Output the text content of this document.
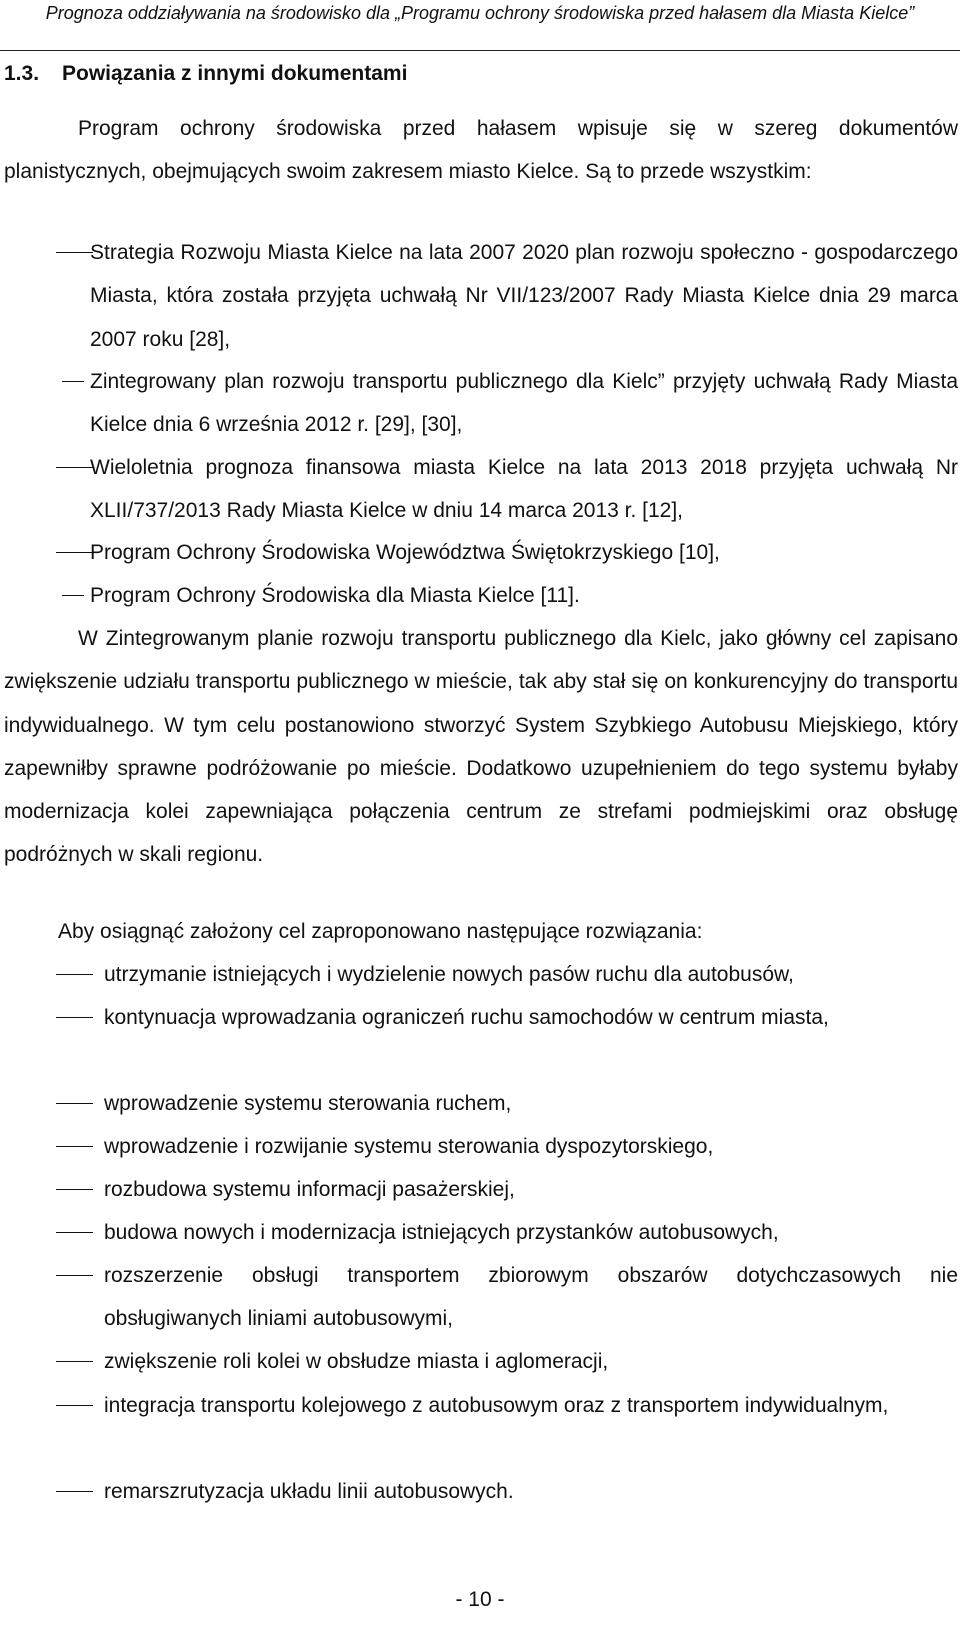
Prognoza oddziaływania na środowisko dla „Programu ochrony środowiska przed hałasem dla Miasta Kielce”
1.3. Powiązania z innymi dokumentami

Program ochrony środowiska przed hałasem wpisuje się w szereg dokumentów planistycznych, obejmujących swoim zakresem miasto Kielce. Są to przede wszystkim:

Strategia Rozwoju Miasta Kielce na lata 2007 2020 plan rozwoju społeczno - gospodarczego Miasta, która została przyjęta uchwałą Nr VII/123/2007 Rady Miasta Kielce dnia 29 marca 2007 roku [28],

Zintegrowany plan rozwoju transportu publicznego dla Kielc” przyjęty uchwałą Rady Miasta Kielce dnia 6 września 2012 r. [29], [30],

Wieloletnia prognoza finansowa miasta Kielce na lata 2013 2018 przyjęta uchwałą Nr XLII/737/2013 Rady Miasta Kielce w dniu 14 marca 2013 r. [12],

Program Ochrony Środowiska Województwa Świętokrzyskiego [10],

Program Ochrony Środowiska dla Miasta Kielce [11].

W Zintegrowanym planie rozwoju transportu publicznego dla Kielc, jako główny cel zapisano zwiększenie udziału transportu publicznego w mieście, tak aby stał się on konkurencyjny do transportu indywidualnego. W tym celu postanowiono stworzyć System Szybkiego Autobusu Miejskiego, który zapewniłby sprawne podróżowanie po mieście. Dodatkowo uzupełnieniem do tego systemu byłaby modernizacja kolei zapewniająca połączenia centrum ze strefami podmiejskimi oraz obsługę podróżnych w skali regionu.

Aby osiągnąć założony cel zaproponowano następujące rozwiązania:

utrzymanie istniejących i wydzielenie nowych pasów ruchu dla autobusów,

kontynuacja wprowadzania ograniczeń ruchu samochodów w centrum miasta,

wprowadzenie systemu sterowania ruchem,

wprowadzenie i rozwijanie systemu sterowania dyspozytorskiego,

rozbudowa systemu informacji pasażerskiej,

budowa nowych i modernizacja istniejących przystanków autobusowych,

rozszerzenie obsługi transportem zbiorowym obszarów dotychczasowych nie obsługiwanych liniami autobusowymi,

zwiększenie roli kolei w obsłudze miasta i aglomeracji,

integracja transportu kolejowego z autobusowym oraz z transportem indywidualnym,

remarszrutyzacja układu linii autobusowych.

- 10 -
